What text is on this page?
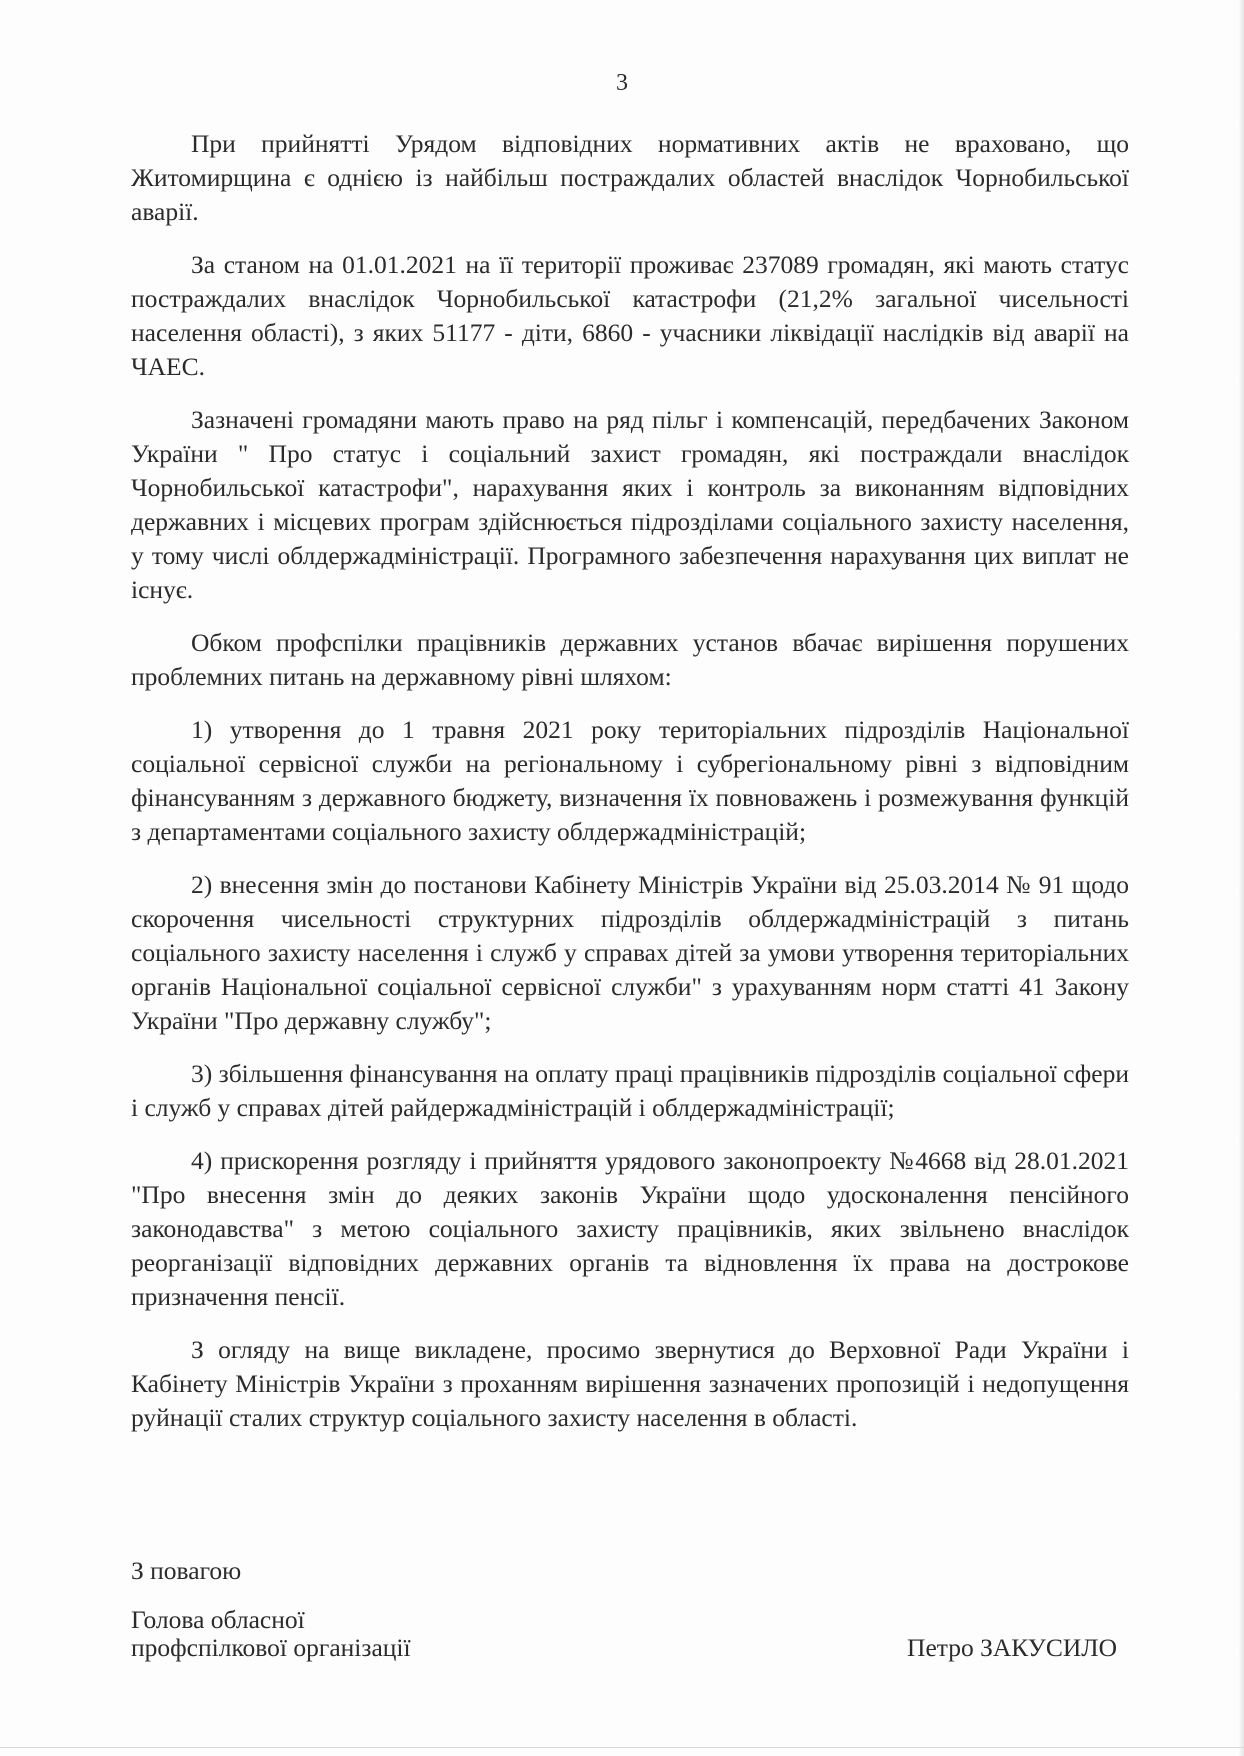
3

При прийнятті Урядом відповідних нормативних актів не враховано, що Житомирщина є однією із найбільш постраждалих областей внаслідок Чорнобильської аварії.

За станом на 01.01.2021 на її території проживає 237089 громадян, які мають статус постраждалих внаслідок Чорнобильської катастрофи (21,2% загальної чисельності населення області), з яких 51177 - діти, 6860 - учасники ліквідації наслідків від аварії на ЧАЕС.

Зазначені громадяни мають право на ряд пільг і компенсацій, передбачених Законом України " Про статус і соціальний захист громадян, які постраждали внаслідок Чорнобильської катастрофи", нарахування яких і контроль за виконанням відповідних державних і місцевих програм здійснюється підрозділами соціального захисту населення, у тому числі облдержадміністрації. Програмного забезпечення нарахування цих виплат не існує.

Обком профспілки працівників державних установ вбачає вирішення порушених проблемних питань на державному рівні шляхом:

1) утворення до 1 травня 2021 року територіальних підрозділів Національної соціальної сервісної служби на регіональному і субрегіональному рівні з відповідним фінансуванням з державного бюджету, визначення їх повноважень і розмежування функцій з департаментами соціального захисту облдержадміністрацій;

2) внесення змін до постанови Кабінету Міністрів України від 25.03.2014 № 91 щодо скорочення чисельності структурних підрозділів облдержадміністрацій з питань соціального захисту населення і служб у справах дітей за умови утворення територіальних органів Національної соціальної сервісної служби" з урахуванням норм статті 41 Закону України "Про державну службу";

3) збільшення фінансування на оплату праці працівників підрозділів соціальної сфери і служб у справах дітей райдержадміністрацій і облдержадміністрації;

4) прискорення розгляду і прийняття урядового законопроекту №4668 від 28.01.2021 "Про внесення змін до деяких законів України щодо удосконалення пенсійного законодавства" з метою соціального захисту працівників, яких звільнено внаслідок реорганізації відповідних державних органів та відновлення їх права на дострокове призначення пенсії.

З огляду на вище викладене, просимо звернутися до Верховної Ради України і Кабінету Міністрів України з проханням вирішення зазначених пропозицій і недопущення руйнації сталих структур соціального захисту населення в області.

З повагою
Голова обласної
профспілкової організації	Петро ЗАКУСИЛО
